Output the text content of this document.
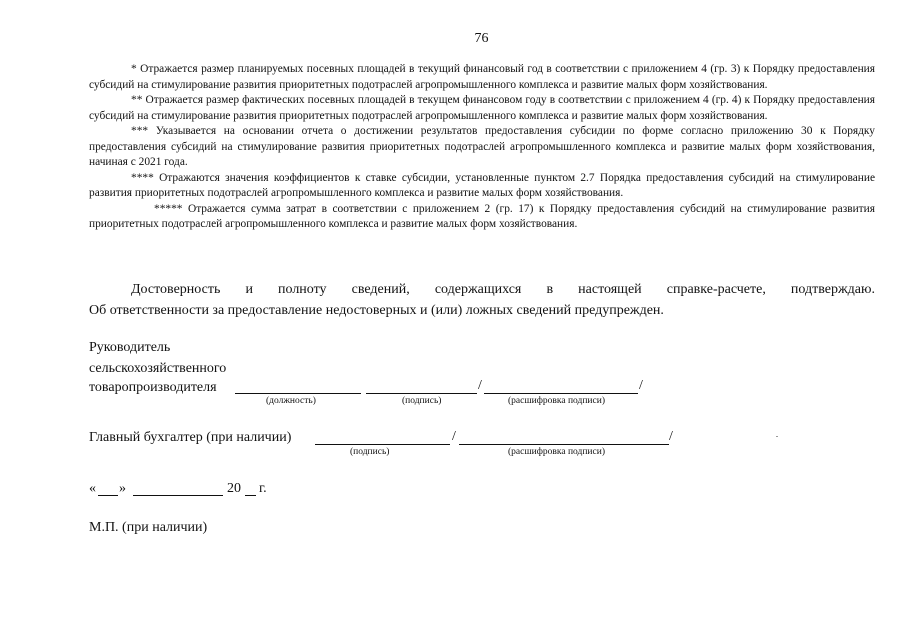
76

* Отражается размер планируемых посевных площадей в текущий финансовый год в соответствии с приложением 4 (гр. 3) к Порядку предоставления субсидий на стимулирование развития приоритетных подотраслей агропромышленного комплекса и развитие малых форм хозяйствования.

** Отражается размер фактических посевных площадей в текущем финансовом году в соответствии с приложением 4 (гр. 4) к Порядку предоставления субсидий на стимулирование развития приоритетных подотраслей агропромышленного комплекса и развитие малых форм хозяйствования.

*** Указывается на основании отчета о достижении результатов предоставления субсидии по форме согласно приложению 30 к Порядку предоставления субсидий на стимулирование развития приоритетных подотраслей агропромышленного комплекса и развитие малых форм хозяйствования, начиная с 2021 года.

**** Отражаются значения коэффициентов к ставке субсидии, установленные пунктом 2.7 Порядка предоставления субсидий на стимулирование развития приоритетных подотраслей агропромышленного комплекса и развитие малых форм хозяйствования.

***** Отражается сумма затрат в соответствии с приложением 2 (гр. 17) к Порядку предоставления субсидий на стимулирование развития приоритетных подотраслей агропромышленного комплекса и развитие малых форм хозяйствования.

Достоверность и полноту сведений, содержащихся в настоящей справке-расчете, подтверждаю.
Об ответственности за предоставление недостоверных и (или) ложных сведений предупрежден.
Руководитель
сельскохозяйственного
товаропроизводителя	/	/
(должность)	(подпись)	(расшифровка подписи)
Главный бухгалтер (при наличии)	/	/
(подпись)	(расшифровка подписи)
« »	20 г.
М.П. (при наличии)
